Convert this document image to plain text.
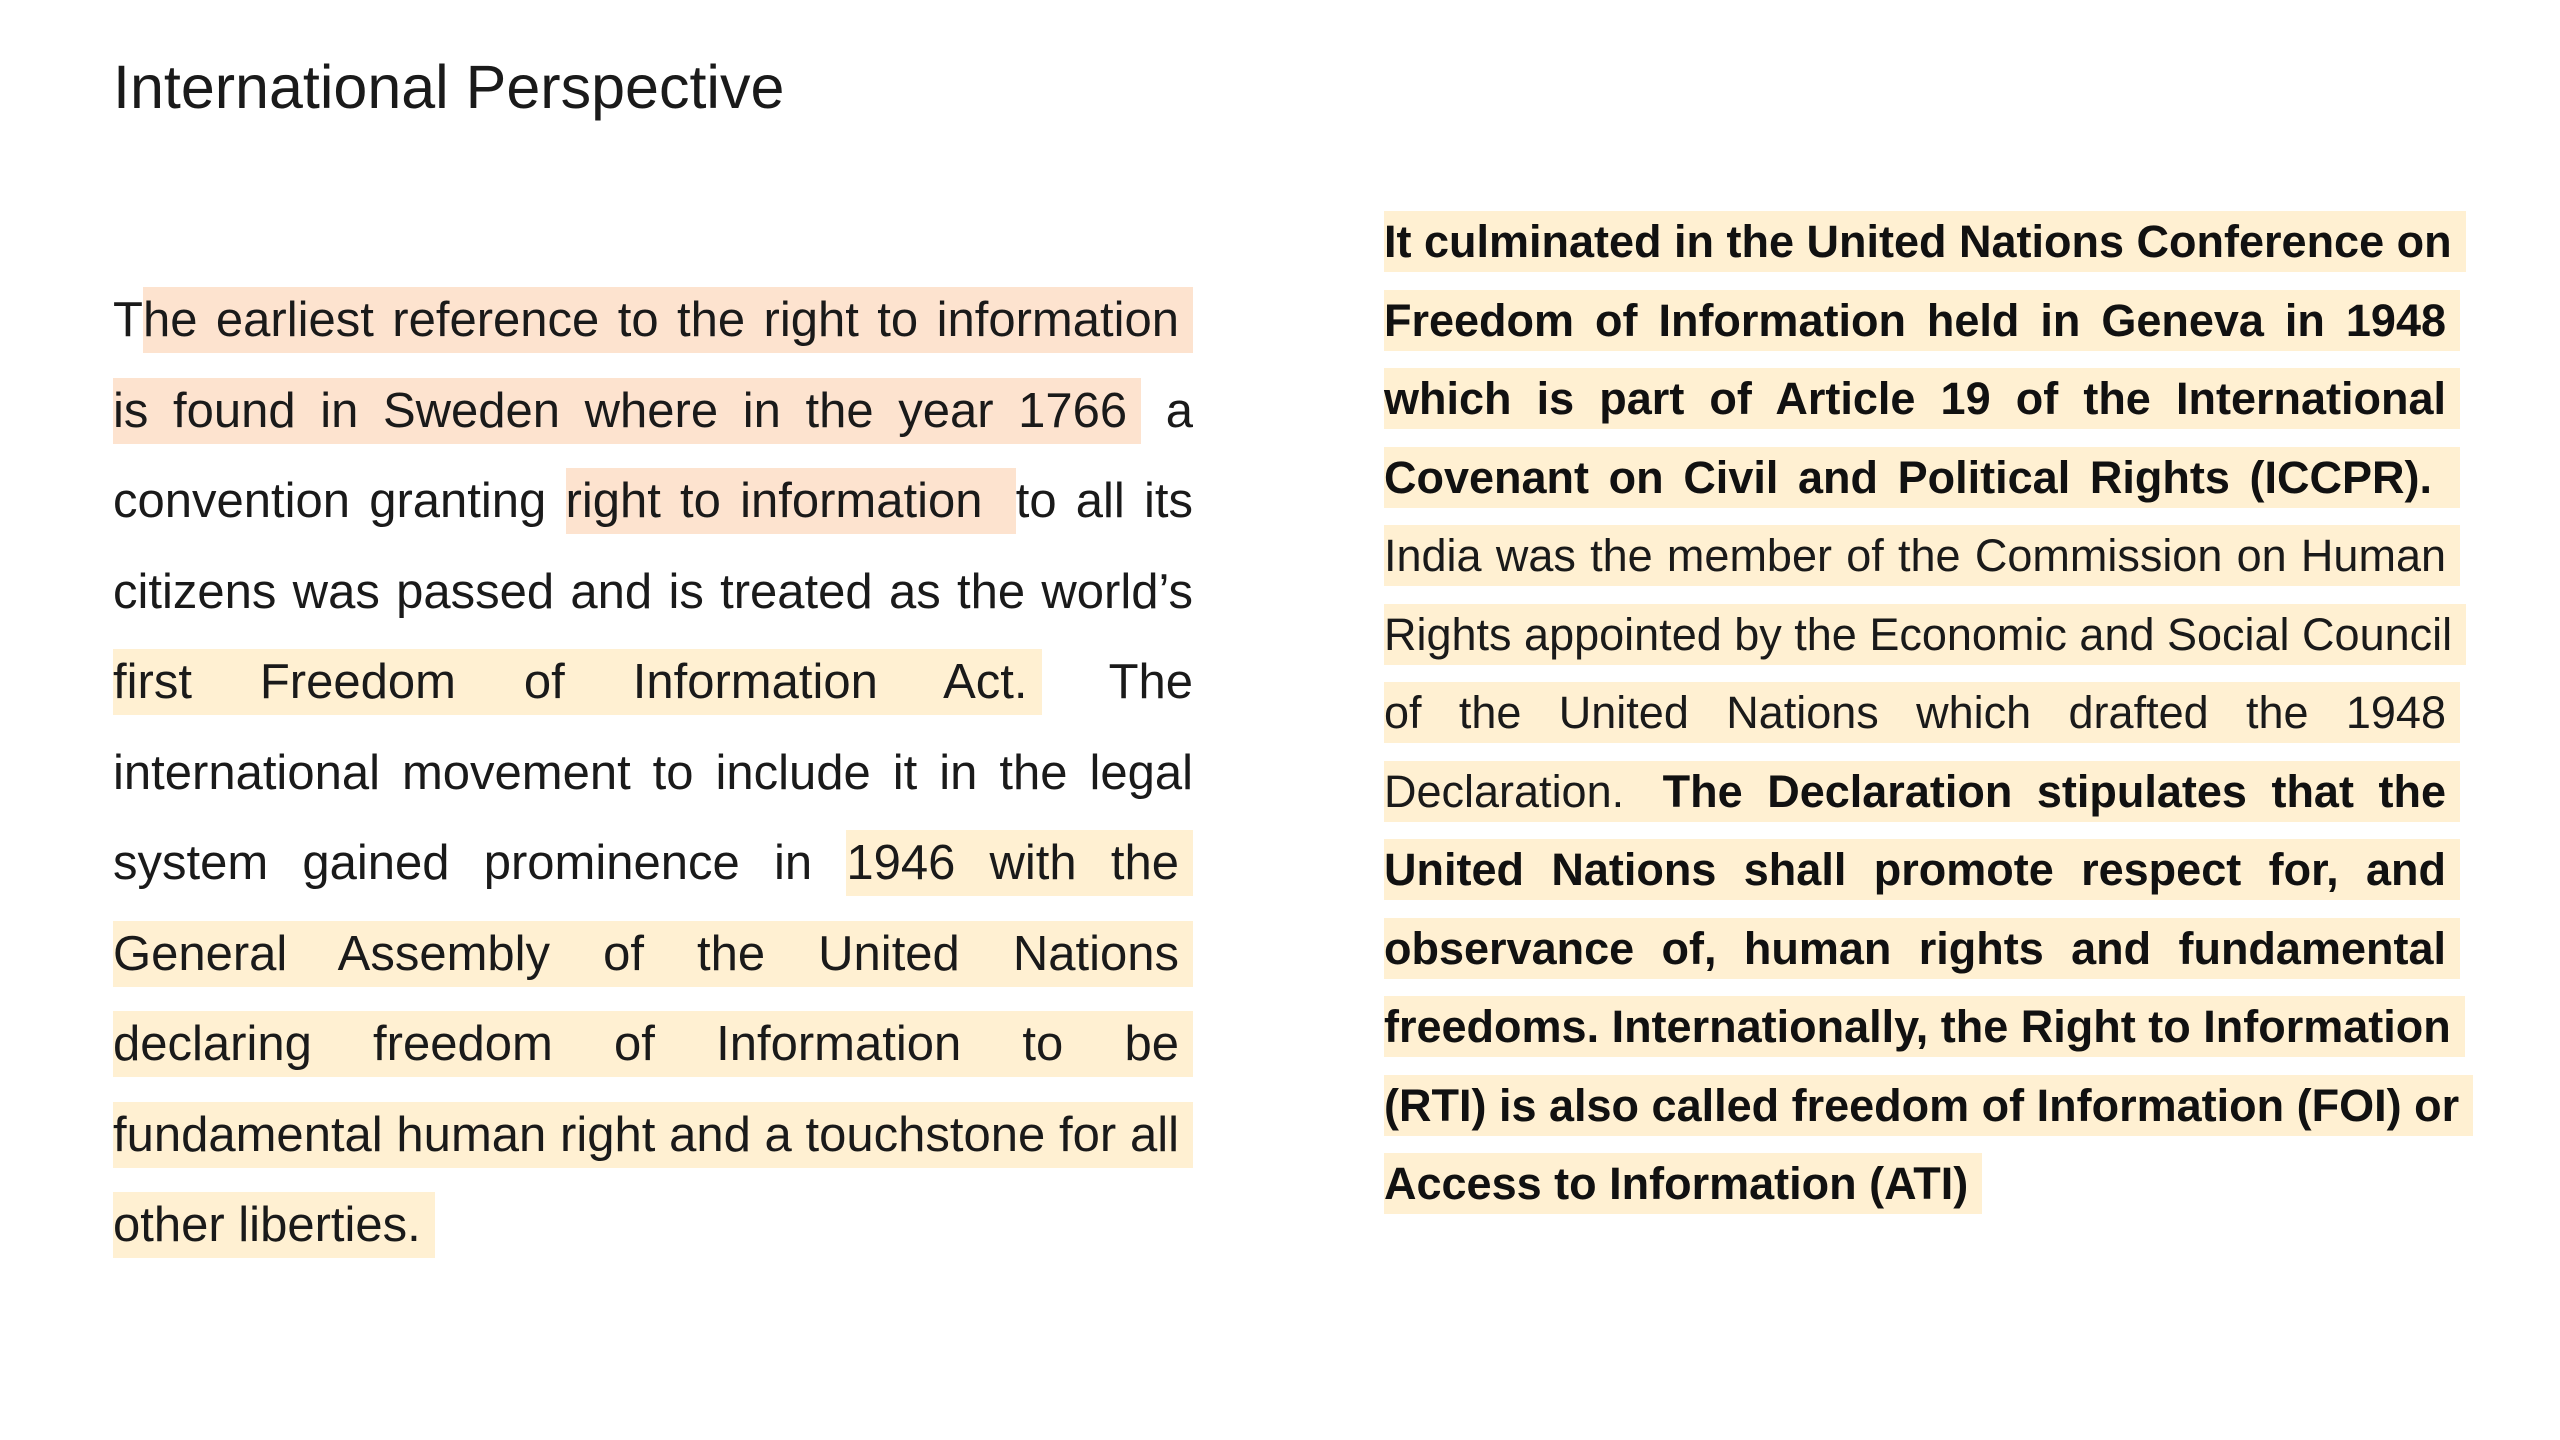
International Perspective

The earliest reference to the right to information is found in Sweden where in the year 1766 a convention granting right to information to all its citizens was passed and is treated as the world’s first Freedom of Information Act. The international movement to include it in the legal system gained prominence in 1946 with the General Assembly of the United Nations declaring freedom of Information to be fundamental human right and a touchstone for all other liberties.

It culminated in the United Nations Conference on Freedom of Information held in Geneva in 1948 which is part of Article 19 of the International Covenant on Civil and Political Rights (ICCPR). India was the member of the Commission on Human Rights appointed by the Economic and Social Council of the United Nations which drafted the 1948 Declaration. The Declaration stipulates that the United Nations shall promote respect for, and observance of, human rights and fundamental freedoms. Internationally, the Right to Information (RTI) is also called freedom of Information (FOI) or Access to Information (ATI)
